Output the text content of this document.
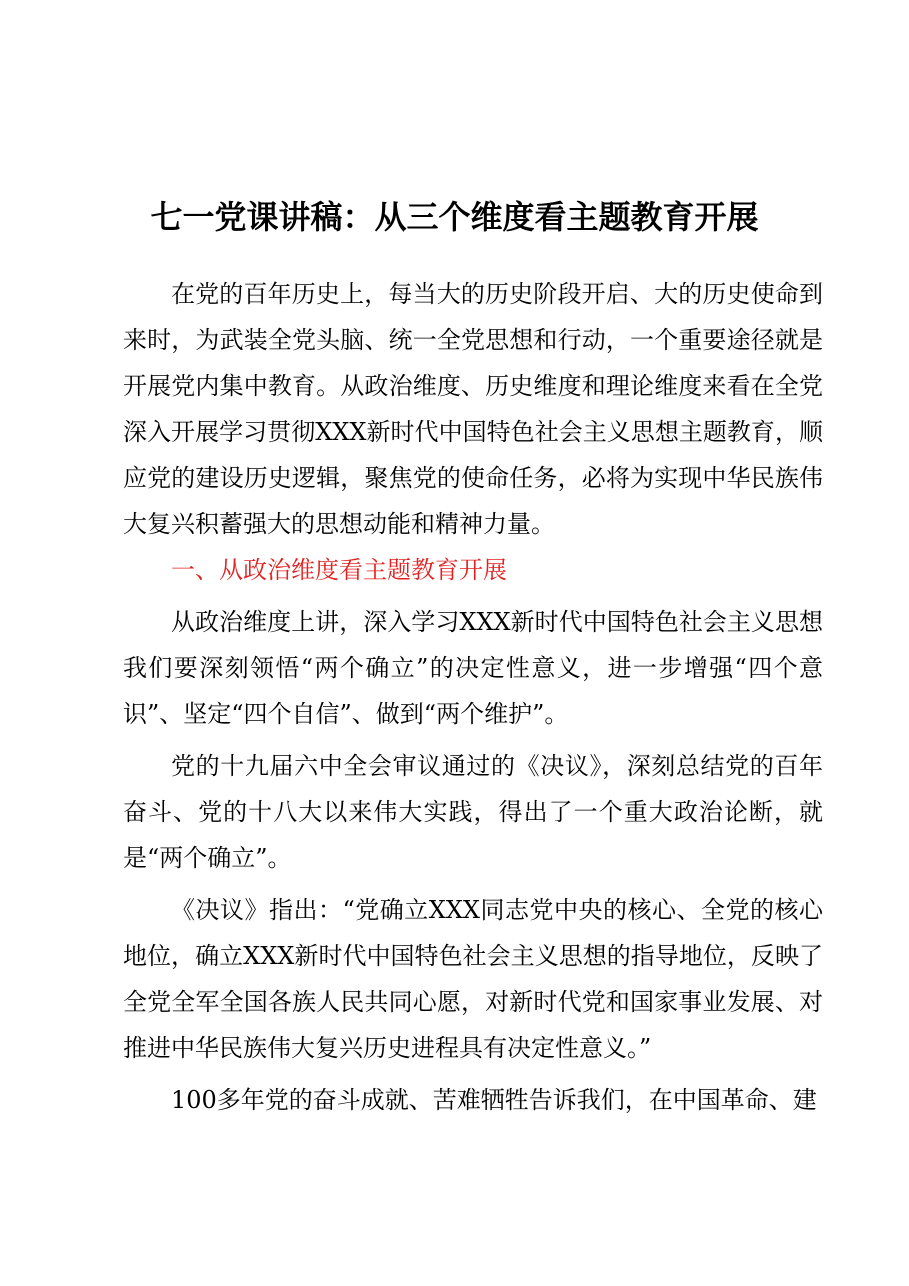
七一党课讲稿：从三个维度看主题教育开展

在党的百年历史上，每当大的历史阶段开启、大的历史使命到来时，为武装全党头脑、统一全党思想和行动，一个重要途径就是开展党内集中教育。从政治维度、历史维度和理论维度来看在全党深入开展学习贯彻XXX新时代中国特色社会主义思想主题教育，顺应党的建设历史逻辑，聚焦党的使命任务，必将为实现中华民族伟大复兴积蓄强大的思想动能和精神力量。

一、从政治维度看主题教育开展

从政治维度上讲，深入学习XXX新时代中国特色社会主义思想我们要深刻领悟“两个确立”的决定性意义，进一步增强“四个意识”、坚定“四个自信”、做到“两个维护”。

党的十九届六中全会审议通过的《决议》，深刻总结党的百年奋斗、党的十八大以来伟大实践，得出了一个重大政治论断，就是“两个确立”。

《决议》指出：“党确立XXX同志党中央的核心、全党的核心地位，确立XXX新时代中国特色社会主义思想的指导地位，反映了全党全军全国各族人民共同心愿，对新时代党和国家事业发展、对推进中华民族伟大复兴历史进程具有决定性意义。”

100多年党的奋斗成就、苦难牺牲告诉我们，在中国革命、建
